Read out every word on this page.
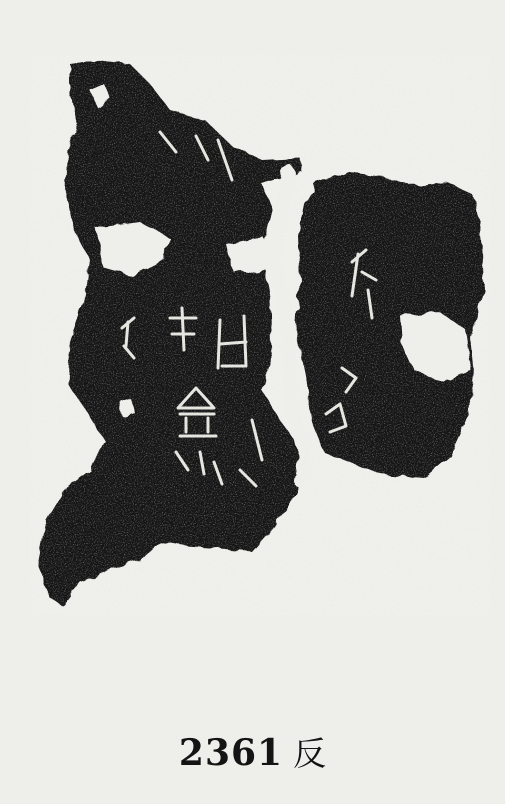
2361 反
